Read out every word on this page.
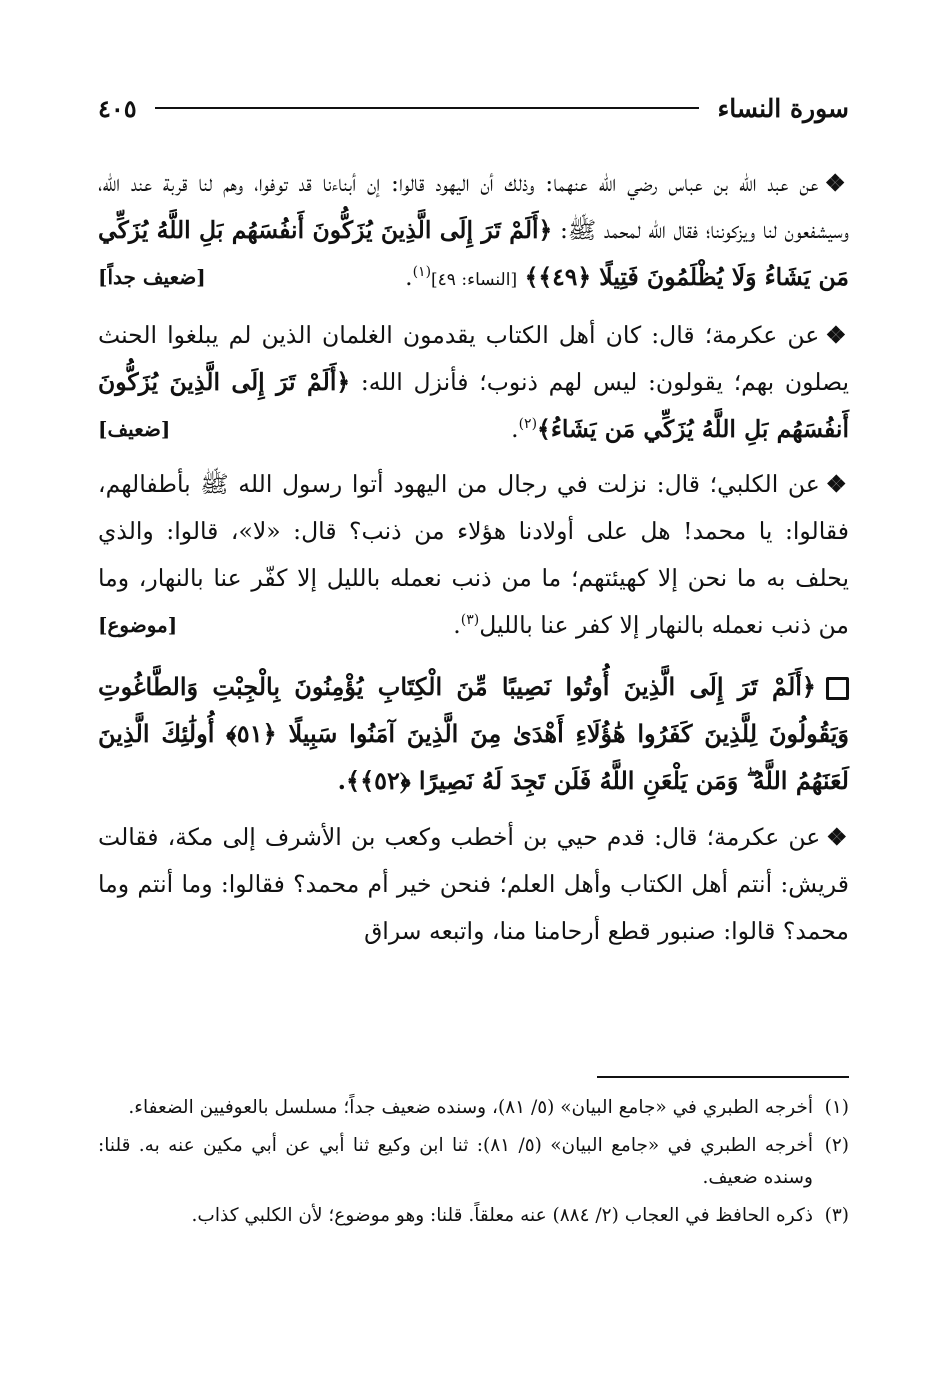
سورة النساء
٤٠٥

❖عن عبد الله بن عباس رضي الله عنهما: وذلك أن اليهود قالوا: إن أبناءنا قد توفوا، وهم لنا قربة عند الله، وسيشفعون لنا ويزكوننا؛ فقال الله لمحمد ﷺ: ﴿أَلَمْ تَرَ إِلَى الَّذِينَ يُزَكُّونَ أَنفُسَهُم بَلِ اللَّهُ يُزَكِّي مَن يَشَاءُ وَلَا يُظْلَمُونَ فَتِيلًا ﴿٤٩﴾﴾ [النساء: ٤٩]$^{(١)}$.
[ضعيف جداً]

❖عن عكرمة؛ قال: كان أهل الكتاب يقدمون الغلمان الذين لم يبلغوا الحنث يصلون بهم؛ يقولون: ليس لهم ذنوب؛ فأنزل الله: ﴿أَلَمْ تَرَ إِلَى الَّذِينَ يُزَكُّونَ أَنفُسَهُم بَلِ اللَّهُ يُزَكِّي مَن يَشَاءُ﴾$^{(٢)}$.
[ضعيف]

❖عن الكلبي؛ قال: نزلت في رجال من اليهود أتوا رسول الله ﷺ بأطفالهم، فقالوا: يا محمد! هل على أولادنا هؤلاء من ذنب؟ قال: «لا»، قالوا: والذي يحلف به ما نحن إلا كهيئتهم؛ ما من ذنب نعمله بالليل إلا كفّر عنا بالنهار، وما من ذنب نعمله بالنهار إلا كفر عنا بالليل$^{(٣)}$.
[موضوع]

﴿أَلَمْ تَرَ إِلَى الَّذِينَ أُوتُوا نَصِيبًا مِّنَ الْكِتَابِ يُؤْمِنُونَ بِالْجِبْتِ وَالطَّاغُوتِ وَيَقُولُونَ لِلَّذِينَ كَفَرُوا هَٰؤُلَاءِ أَهْدَىٰ مِنَ الَّذِينَ آمَنُوا سَبِيلًا ﴿٥١﴾ أُولَٰئِكَ الَّذِينَ لَعَنَهُمُ اللَّهُ ۖ وَمَن يَلْعَنِ اللَّهُ فَلَن تَجِدَ لَهُ نَصِيرًا ﴿٥٢﴾﴾.

❖عن عكرمة؛ قال: قدم حيي بن أخطب وكعب بن الأشرف إلى مكة، فقالت قريش: أنتم أهل الكتاب وأهل العلم؛ فنحن خير أم محمد؟ فقالوا: وما أنتم وما محمد؟ قالوا: صنبور قطع أرحامنا منا، واتبعه سراق

(١)
أخرجه الطبري في «جامع البيان» (٥/ ٨١)، وسنده ضعيف جداً؛ مسلسل بالعوفيين الضعفاء.
(٢)
أخرجه الطبري في «جامع البيان» (٥/ ٨١): ثنا ابن وكيع ثنا أبي عن أبي مكين عنه به. قلنا: وسنده ضعيف.
(٣)
ذكره الحافظ في العجاب (٢/ ٨٨٤) عنه معلقاً. قلنا: وهو موضوع؛ لأن الكلبي كذاب.
